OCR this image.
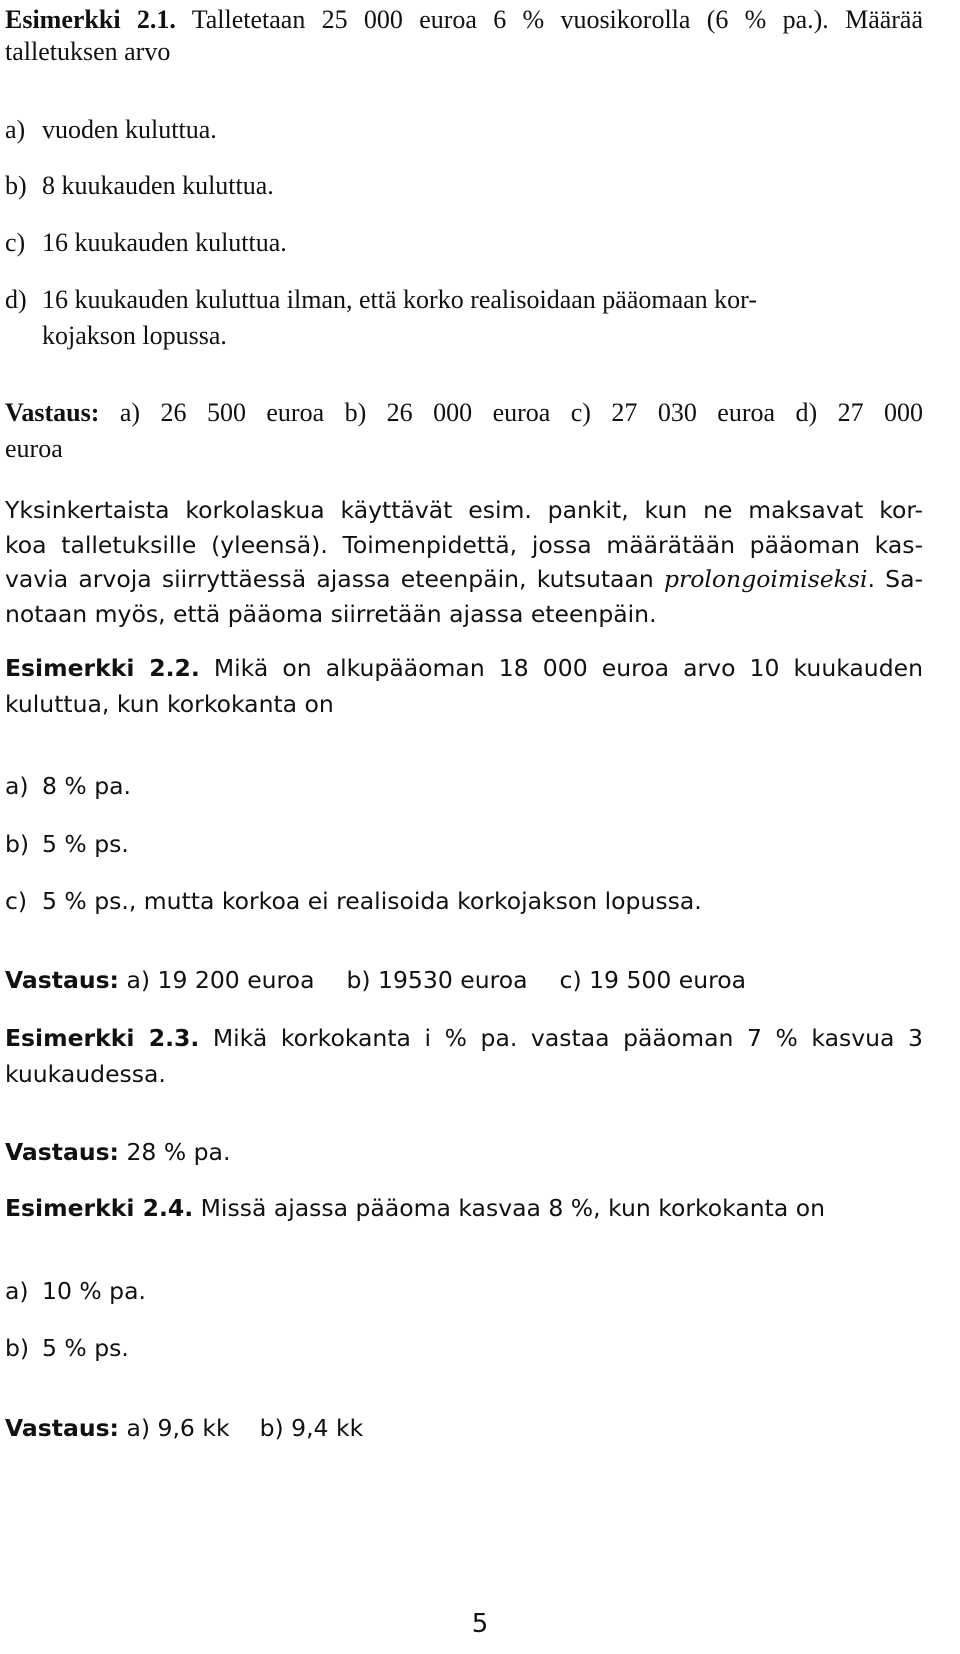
Esimerkki 2.1. Talletetaan 25 000 euroa 6 % vuosikorolla (6 % pa.). Määrää
talletuksen arvo
a) vuoden kuluttua.
b) 8 kuukauden kuluttua.
c) 16 kuukauden kuluttua.
d) 16 kuukauden kuluttua ilman, että korko realisoidaan pääomaan kor-
kojakson lopussa.
Vastaus: a) 26 500 euroa b) 26 000 euroa c) 27 030 euroa d) 27 000
euroa
Yksinkertaista korkolaskua käyttävät esim. pankit, kun ne maksavat kor-
koa talletuksille (yleensä). Toimenpidettä, jossa määrätään pääoman kas-
vavia arvoja siirryttäessä ajassa eteenpäin, kutsutaan prolongoimiseksi. Sa-
notaan myös, että pääoma siirretään ajassa eteenpäin.
Esimerkki 2.2. Mikä on alkupääoman 18 000 euroa arvo 10 kuukauden
kuluttua, kun korkokanta on
a) 8 % pa.
b) 5 % ps.
c) 5 % ps., mutta korkoa ei realisoida korkojakson lopussa.
Vastaus: a) 19 200 euroa b) 19530 euroa c) 19 500 euroa
Esimerkki 2.3. Mikä korkokanta i % pa. vastaa pääoman 7 % kasvua 3
kuukaudessa.
Vastaus: 28 % pa.
Esimerkki 2.4. Missä ajassa pääoma kasvaa 8 %, kun korkokanta on
a) 10 % pa.
b) 5 % ps.
Vastaus: a) 9,6 kk b) 9,4 kk
5
